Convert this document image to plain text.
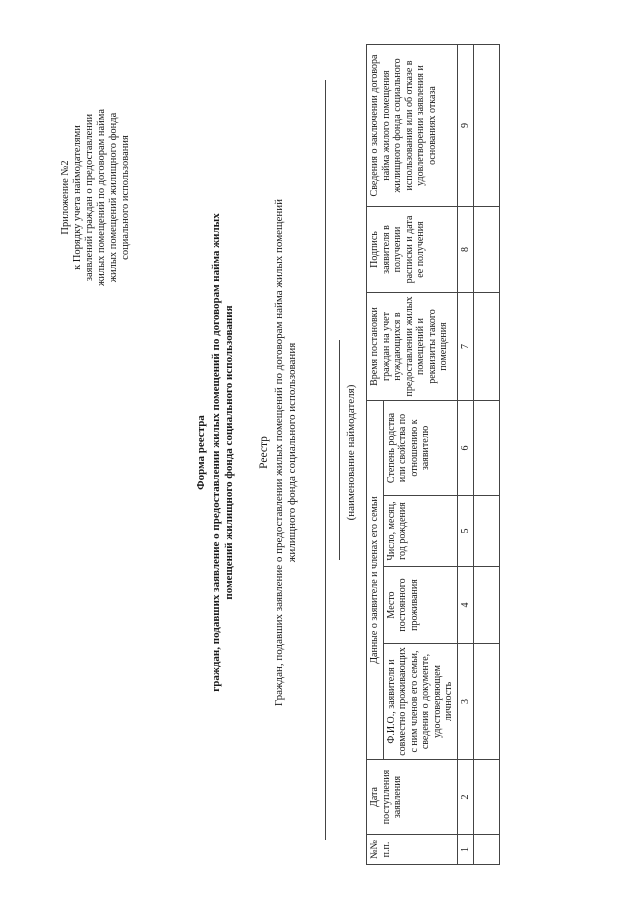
Приложение №2 к Порядку учета наймодателями заявлений граждан о предоставлении жилых помещений по договорам найма жилых помещений жилищного фонда социального использования
Форма реестра граждан, подавших заявление о предоставлении жилых помещений по договорам найма жилых помещений жилищного фонда социального использования Реестр Граждан, подавших заявление о предоставлении жилых помещений по договорам найма жилых помещений жилищного фонда социального использования	(наименование наймодателя)
№№ п.п.	Дата поступления заявления	Данные о заявителе и членах его семьи				Время постановки граждан на учет нуждающихся в предоставлении жилых помещений и реквизиты такого помещения	Подпись заявителя в получении расписки и дата ее получения	Сведения о заключении договора найма жилого помещения жилищного фонда социального использования или об отказе в удовлетворении заявления и основаниях отказа
		Ф.И.О., заявителя и совместно проживающих с ним членов его семьи, сведения о документе, удостоверяющем личность	Место постоянного проживания	Число, месяц, год рождения	Степень родства или свойства по отношению к заявителю			
1	2	3	4	5	6	7	8	9
